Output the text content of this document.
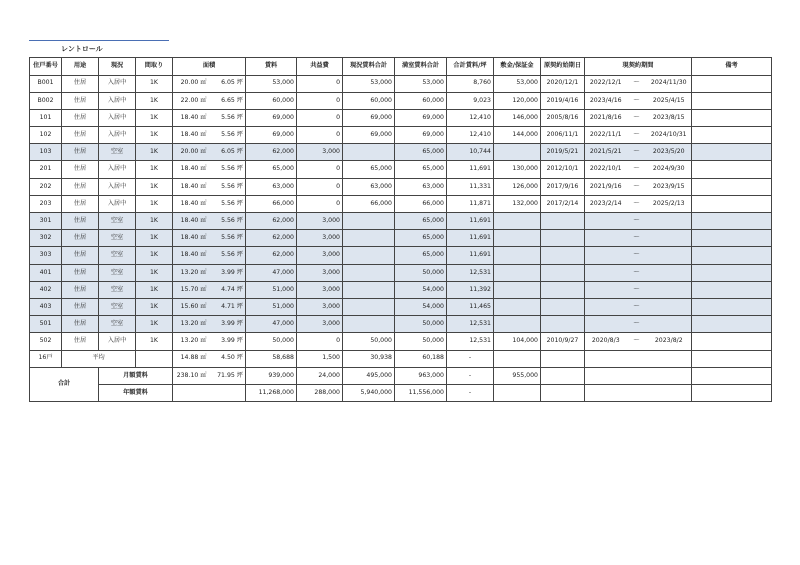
レントロール
住戸番号	用途	現況	間取り	面積		賃料	共益費	現況賃料合計	満室賃料合計	合計賃料/坪	敷金/保証金	原契約始期日	現契約期間			備考
B001	住居	入居中	1K	20.00 ㎡	6.05 坪	53,000	0	53,000	53,000	8,760	53,000	2020/12/1	2022/12/1	～	2024/11/30	
B002	住居	入居中	1K	22.00 ㎡	6.65 坪	60,000	0	60,000	60,000	9,023	120,000	2019/4/16	2023/4/16	～	2025/4/15	
101	住居	入居中	1K	18.40 ㎡	5.56 坪	69,000	0	69,000	69,000	12,410	146,000	2005/8/16	2021/8/16	～	2023/8/15	
102	住居	入居中	1K	18.40 ㎡	5.56 坪	69,000	0	69,000	69,000	12,410	144,000	2006/11/1	2022/11/1	～	2024/10/31	
103	住居	空室	1K	20.00 ㎡	6.05 坪	62,000	3,000		65,000	10,744		2019/5/21	2021/5/21	～	2023/5/20	
201	住居	入居中	1K	18.40 ㎡	5.56 坪	65,000	0	65,000	65,000	11,691	130,000	2012/10/1	2022/10/1	～	2024/9/30	
202	住居	入居中	1K	18.40 ㎡	5.56 坪	63,000	0	63,000	63,000	11,331	126,000	2017/9/16	2021/9/16	～	2023/9/15	
203	住居	入居中	1K	18.40 ㎡	5.56 坪	66,000	0	66,000	66,000	11,871	132,000	2017/2/14	2023/2/14	～	2025/2/13	
301	住居	空室	1K	18.40 ㎡	5.56 坪	62,000	3,000		65,000	11,691				～		
302	住居	空室	1K	18.40 ㎡	5.56 坪	62,000	3,000		65,000	11,691				～		
303	住居	空室	1K	18.40 ㎡	5.56 坪	62,000	3,000		65,000	11,691				～		
401	住居	空室	1K	13.20 ㎡	3.99 坪	47,000	3,000		50,000	12,531				～		
402	住居	空室	1K	15.70 ㎡	4.74 坪	51,000	3,000		54,000	11,392				～		
403	住居	空室	1K	15.60 ㎡	4.71 坪	51,000	3,000		54,000	11,465				～		
501	住居	空室	1K	13.20 ㎡	3.99 坪	47,000	3,000		50,000	12,531				～		
502	住居	入居中	1K	13.20 ㎡	3.99 坪	50,000	0	50,000	50,000	12,531	104,000	2010/9/27	2020/8/3	～	2023/8/2	
16戸	平均			14.88 ㎡	4.50 坪	58,688	1,500	30,938	60,188	-						
合計		月額賃料		238.10 ㎡	71.95 坪	939,000	24,000	495,000	963,000	-	955,000					
		年額賃料				11,268,000	288,000	5,940,000	11,556,000	-						
